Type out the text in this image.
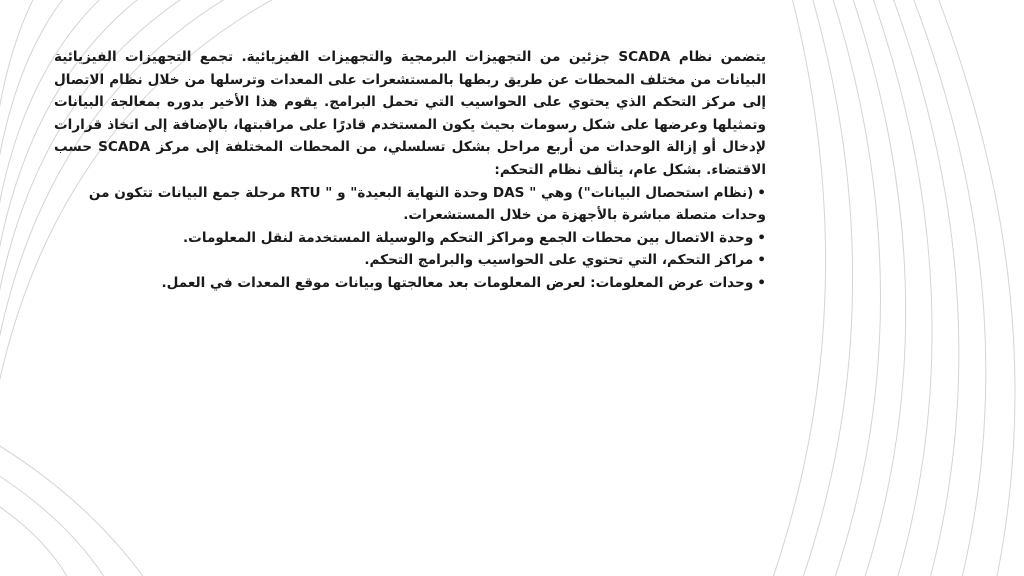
يتضمن نظام SCADA جزئين من التجهيزات البرمجية والتجهيزات الفيزيائية. تجمع التجهيزات الفيزيائية البيانات من مختلف المحطات عن طريق ربطها بالمستشعرات على المعدات وترسلها من خلال نظام الاتصال إلى مركز التحكم الذي يحتوي على الحواسيب التي تحمل البرامج. يقوم هذا الأخير بدوره بمعالجة البيانات وتمثيلها وعرضها على شكل رسومات بحيث يكون المستخدم قادرًا على مراقبتها، بالإضافة إلى اتخاذ قرارات لإدخال أو إزالة الوحدات من أربع مراحل بشكل تسلسلي، من المحطات المختلفة إلى مركز SCADA حسب الاقتضاء. بشكل عام، يتألف نظام التحكم:

•(نظام استحصال البيانات") وهي " DAS وحدة النهاية البعيدة" و " RTU مرحلة جمع البيانات تتكون من وحدات متصلة مباشرة بالأجهزة من خلال المستشعرات.

•وحدة الاتصال بين محطات الجمع ومراكز التحكم والوسيلة المستخدمة لنقل المعلومات.

•مراكز التحكم، التي تحتوي على الحواسيب والبرامج التحكم.

•وحدات عرض المعلومات: لعرض المعلومات بعد معالجتها وبيانات موقع المعدات في العمل.
